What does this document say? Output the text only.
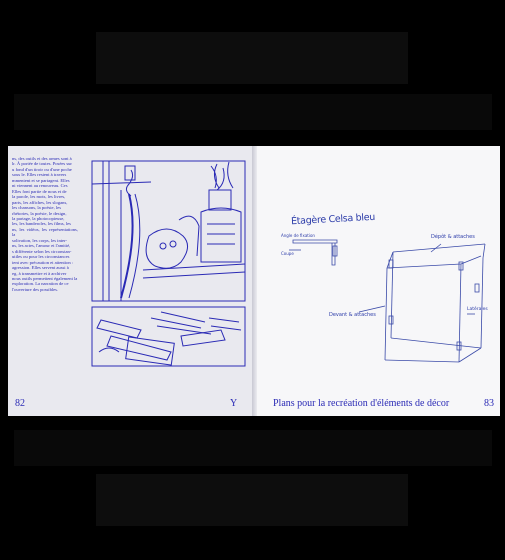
ns, des outils et des armes sont à

lr. À portée de toutes. Posées sur

u fond d'un tiroir ou d'une poche

sous le. Elles restent à travers

mmentent et se partagent. Elles

ni viennent au renouveau. Ces

Elles font partie de nous et de

la parole, les mots, les livres,

parts, les affiches, les slogans,

les chansons, la poésie, les

rhétories, la poésie, le design,

la partage, la photocopieuse,

les, les banderoles, les films, les

ns, les vidéos, les représentations, la

solivation, les corps, les inter-

ns, les actes, l'amour et l'amitié,

s différente selon les circonstan-

utiles ou pour les circonstances

ient avec précaution et attention :

agression. Elles servent aussi à

eg, à transmettre et à archiver

nous outils permettent également la

exploration. La narration de ce

l'ouverture des possibles.

82	Y
Étagère Celsa bleu
Angle de fixation
Coupe
Dépôt & attaches
Devant & attaches
Latérales
Plans pour la recréation d'éléments de décor	83
